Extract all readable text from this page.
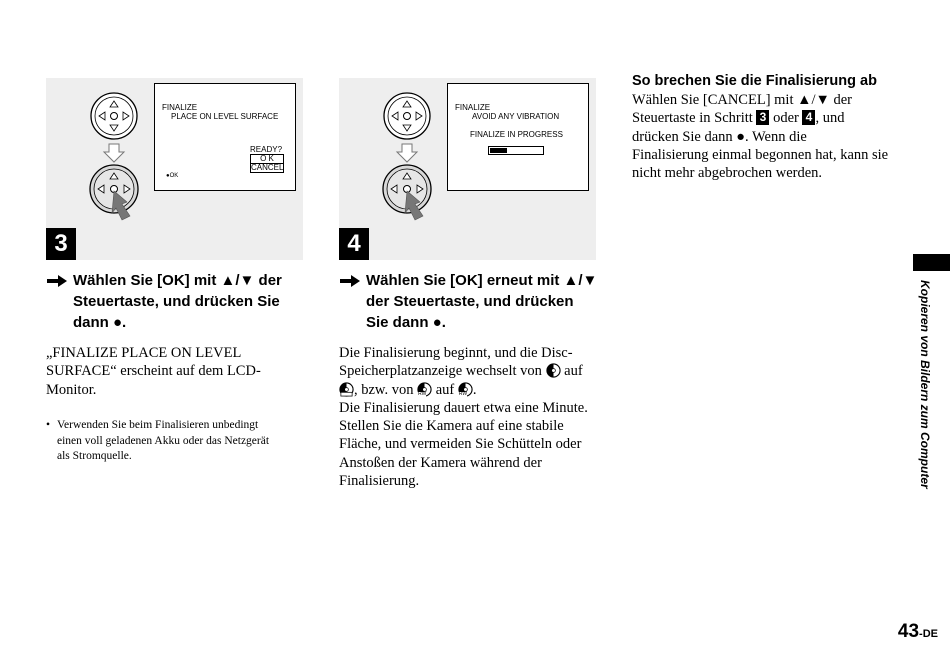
FINALIZE
PLACE ON LEVEL SURFACE
READY?
O K
CANCEL
●OK
3
FINALIZE
AVOID ANY VIBRATION
FINALIZE IN PROGRESS
4
Wählen Sie [OK] mit ▲/▼ der
Steuertaste, und drücken Sie
dann ●.
„FINALIZE PLACE ON LEVEL
SURFACE“ erscheint auf dem LCD-
Monitor.
• Verwenden Sie beim Finalisieren unbedingt
einen voll geladenen Akku oder das Netzgerät
als Stromquelle.
Wählen Sie [OK] erneut mit ▲/▼
der Steuertaste, und drücken
Sie dann ●.
Die Finalisierung beginnt, und die Disc-
Speicherplatzanzeige wechselt von auf
, bzw. von RW auf RW .
Die Finalisierung dauert etwa eine Minute.
Stellen Sie die Kamera auf eine stabile
Fläche, und vermeiden Sie Schütteln oder
Anstoßen der Kamera während der
Finalisierung.
So brechen Sie die Finalisierung ab
Wählen Sie [CANCEL] mit ▲/▼ der
Steuertaste in Schritt 3 oder 4 , und
drücken Sie dann ●. Wenn die
Finalisierung einmal begonnen hat, kann sie
nicht mehr abgebrochen werden.
Kopieren von Bildern zum Computer
43-DE
